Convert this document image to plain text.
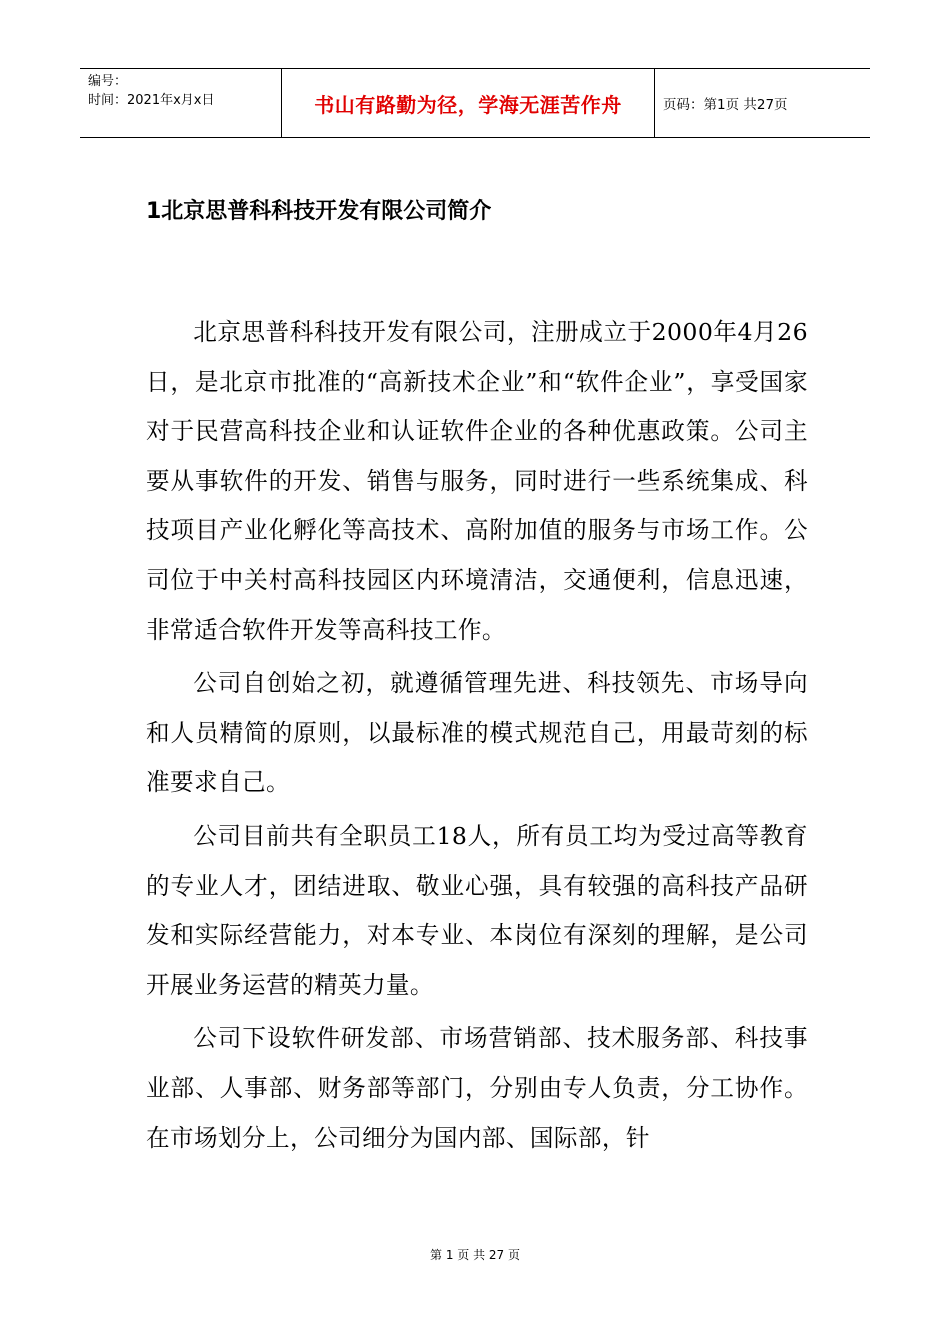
编号：
时间：2021年x月x日	书山有路勤为径，学海无涯苦作舟	页码：第1页 共27页
1北京思普科科技开发有限公司简介

北京思普科科技开发有限公司，注册成立于2000年4月26日，是北京市批准的“高新技术企业”和“软件企业”，享受国家对于民营高科技企业和认证软件企业的各种优惠政策。公司主要从事软件的开发、销售与服务，同时进行一些系统集成、科技项目产业化孵化等高技术、高附加值的服务与市场工作。公司位于中关村高科技园区内环境清洁，交通便利，信息迅速，非常适合软件开发等高科技工作。

公司自创始之初，就遵循管理先进、科技领先、市场导向和人员精简的原则，以最标准的模式规范自己，用最苛刻的标准要求自己。

公司目前共有全职员工18人，所有员工均为受过高等教育的专业人才，团结进取、敬业心强，具有较强的高科技产品研发和实际经营能力，对本专业、本岗位有深刻的理解，是公司开展业务运营的精英力量。

公司下设软件研发部、市场营销部、技术服务部、科技事业部、人事部、财务部等部门，分别由专人负责，分工协作。在市场划分上，公司细分为国内部、国际部，针

第 1 页 共 27 页
